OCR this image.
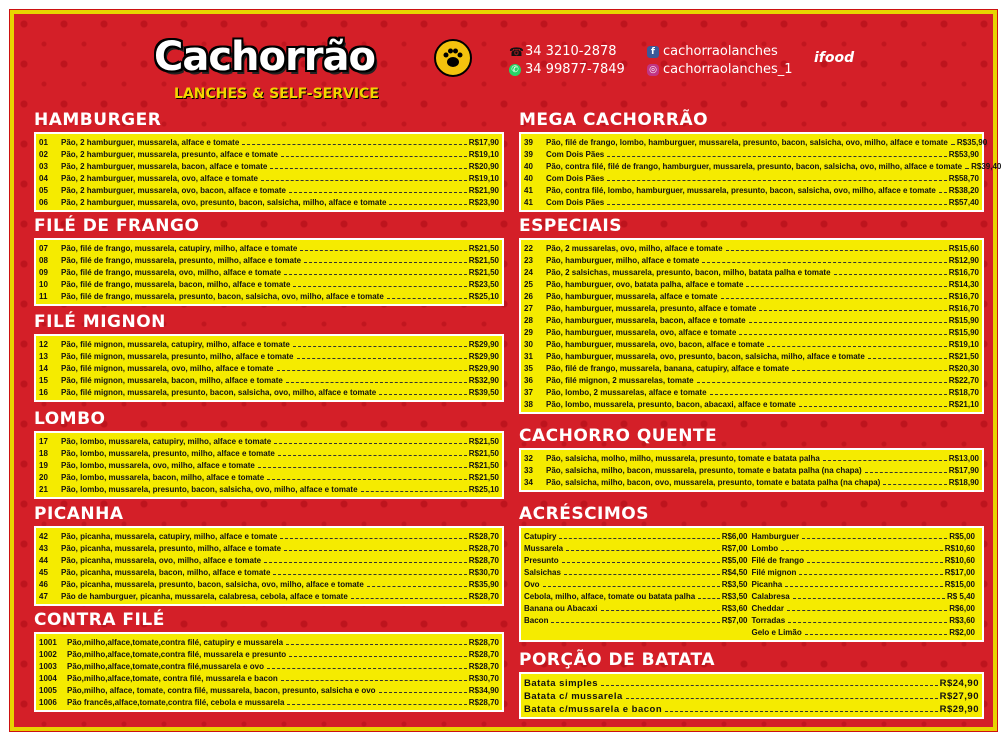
Cachorrão
LANCHES & SELF-SERVICE
☎ 34 3210-2878
✆ 34 99877-7849
f cachorraolanches
◎ cachorraolanches_1
ifood
HAMBURGER
01	Pão, 2 hamburguer, mussarela, alface e tomate	R$17,90
02	Pão, 2 hamburguer, mussarela, presunto, alface e tomate	R$19,10
03	Pão, 2 hamburguer, mussarela, bacon, alface e tomate	R$20,90
04	Pão, 2 hamburguer, mussarela, ovo, alface e tomate	R$19,10
05	Pão, 2 hamburguer, mussarela, ovo, bacon, alface e tomate	R$21,90
06	Pão, 2 hamburguer, mussarela, ovo, presunto, bacon, salsicha, milho, alface e tomate	R$23,90
FILÉ DE FRANGO
07	Pão, filé de frango, mussarela, catupiry, milho, alface e tomate	R$21,50
08	Pão, filé de frango, mussarela, presunto, milho, alface e tomate	R$21,50
09	Pão, filé de frango, mussarela, ovo, milho, alface e tomate	R$21,50
10	Pão, filé de frango, mussarela, bacon, milho, alface e tomate	R$23,50
11	Pão, filé de frango, mussarela, presunto, bacon, salsicha, ovo, milho, alface e tomate	R$25,10
FILÉ MIGNON
12	Pão, filé mignon, mussarela, catupiry, milho, alface e tomate	R$29,90
13	Pão, filé mignon, mussarela, presunto, milho, alface e tomate	R$29,90
14	Pão, filé mignon, mussarela, ovo, milho, alface e tomate	R$29,90
15	Pão, filé mignon, mussarela, bacon, milho, alface e tomate	R$32,90
16	Pão, filé mignon, mussarela, presunto, bacon, salsicha, ovo, milho, alface e tomate	R$39,50
LOMBO
17	Pão, lombo, mussarela, catupiry, milho, alface e tomate	R$21,50
18	Pão, lombo, mussarela, presunto, milho, alface e tomate	R$21,50
19	Pão, lombo, mussarela, ovo, milho, alface e tomate	R$21,50
20	Pão, lombo, mussarela, bacon, milho, alface e tomate	R$21,50
21	Pão, lombo, mussarela, presunto, bacon, salsicha, ovo, milho, alface e tomate	R$25,10
PICANHA
42	Pão, picanha, mussarela, catupiry, milho, alface e tomate	R$28,70
43	Pão, picanha, mussarela, presunto, milho, alface e tomate	R$28,70
44	Pão, picanha, mussarela, ovo, milho, alface e tomate	R$28,70
45	Pão, picanha, mussarela, bacon, milho, alface e tomate	R$30,70
46	Pão, picanha, mussarela, presunto, bacon, salsicha, ovo, milho, alface e tomate	R$35,90
47	Pão de hamburguer, picanha, mussarela, calabresa, cebola, alface e tomate	R$28,70
CONTRA FILÉ
1001	Pão,milho,alface,tomate,contra filé, catupiry e mussarela	R$28,70
1002	Pão,milho,alface,tomate,contra filé, mussarela e presunto	R$28,70
1003	Pão,milho,alface,tomate,contra filé,mussarela e ovo	R$28,70
1004	Pão,milho,alface,tomate, contra filé, mussarela e bacon	R$30,70
1005	Pão,milho, alface, tomate, contra filé, mussarela, bacon, presunto, salsicha e ovo	R$34,90
1006	Pão francês,alface,tomate,contra filé, cebola e mussarela	R$28,70
MEGA CACHORRÃO
39	Pão, filé de frango, lombo, hamburguer, mussarela, presunto, bacon, salsicha, ovo, milho, alface e tomate R$35,90
39	Com Dois Pães	R$53,90
40	Pão, contra filé, filé de frango, hamburguer, mussarela, presunto, bacon, salsicha, ovo, milho, alface e tomate R$39,40
40	Com Dois Pães	R$58,70
41	Pão, contra filé, lombo, hamburguer, mussarela, presunto, bacon, salsicha, ovo, milho, alface e tomate R$38,20
41	Com Dois Pães	R$57,40
ESPECIAIS
22	Pão, 2 mussarelas, ovo, milho, alface e tomate	R$15,60
23	Pão, hamburguer, milho, alface e tomate	R$12,90
24	Pão, 2 salsichas, mussarela, presunto, bacon, milho, batata palha e tomate	R$16,70
25	Pão, hamburguer, ovo, batata palha, alface e tomate	R$14,30
26	Pão, hamburguer, mussarela, alface e tomate	R$16,70
27	Pão, hamburguer, mussarela, presunto, alface e tomate	R$16,70
28	Pão, hamburguer, mussarela, bacon, alface e tomate	R$15,90
29	Pão, hamburguer, mussarela, ovo, alface e tomate	R$15,90
30	Pão, hamburguer, mussarela, ovo, bacon, alface e tomate	R$19,10
31	Pão, hamburguer, mussarela, ovo, presunto, bacon, salsicha, milho, alface e tomate	R$21,50
35	Pão, filé de frango, mussarela, banana, catupiry, alface e tomate	R$20,30
36	Pão, filé mignon, 2 mussarelas, tomate	R$22,70
37	Pão, lombo, 2 mussarelas, alface e tomate	R$18,70
38	Pão, lombo, mussarela, presunto, bacon, abacaxi, alface e tomate	R$21,10
CACHORRO QUENTE
32	Pão, salsicha, molho, milho, mussarela, presunto, tomate e batata palha	R$13,00
33	Pão, salsicha, milho, bacon, mussarela, presunto, tomate e batata palha (na chapa)	R$17,90
34	Pão, salsicha, milho, bacon, ovo, mussarela, presunto, tomate e batata palha (na chapa)	R$18,90
ACRÉSCIMOS
Catupiry	R$6,00
Mussarela	R$7,00
Presunto	R$5,00
Salsichas	R$4,50
Ovo	R$3,50
Cebola, milho, alface, tomate ou batata palha	R$3,50
Banana ou Abacaxi	R$3,60
Bacon	R$7,00
Hamburguer	R$5,00
Lombo	R$10,60
Filé de frango	R$10,60
Filé mignon	R$17,00
Picanha	R$15,00
Calabresa	R$ 5,40
Cheddar	R$6,00
Torradas	R$3,60
Gelo e Limão	R$2,00
PORÇÃO DE BATATA
Batata simples	R$24,90
Batata c/ mussarela	R$27,90
Batata c/mussarela e bacon	R$29,90
